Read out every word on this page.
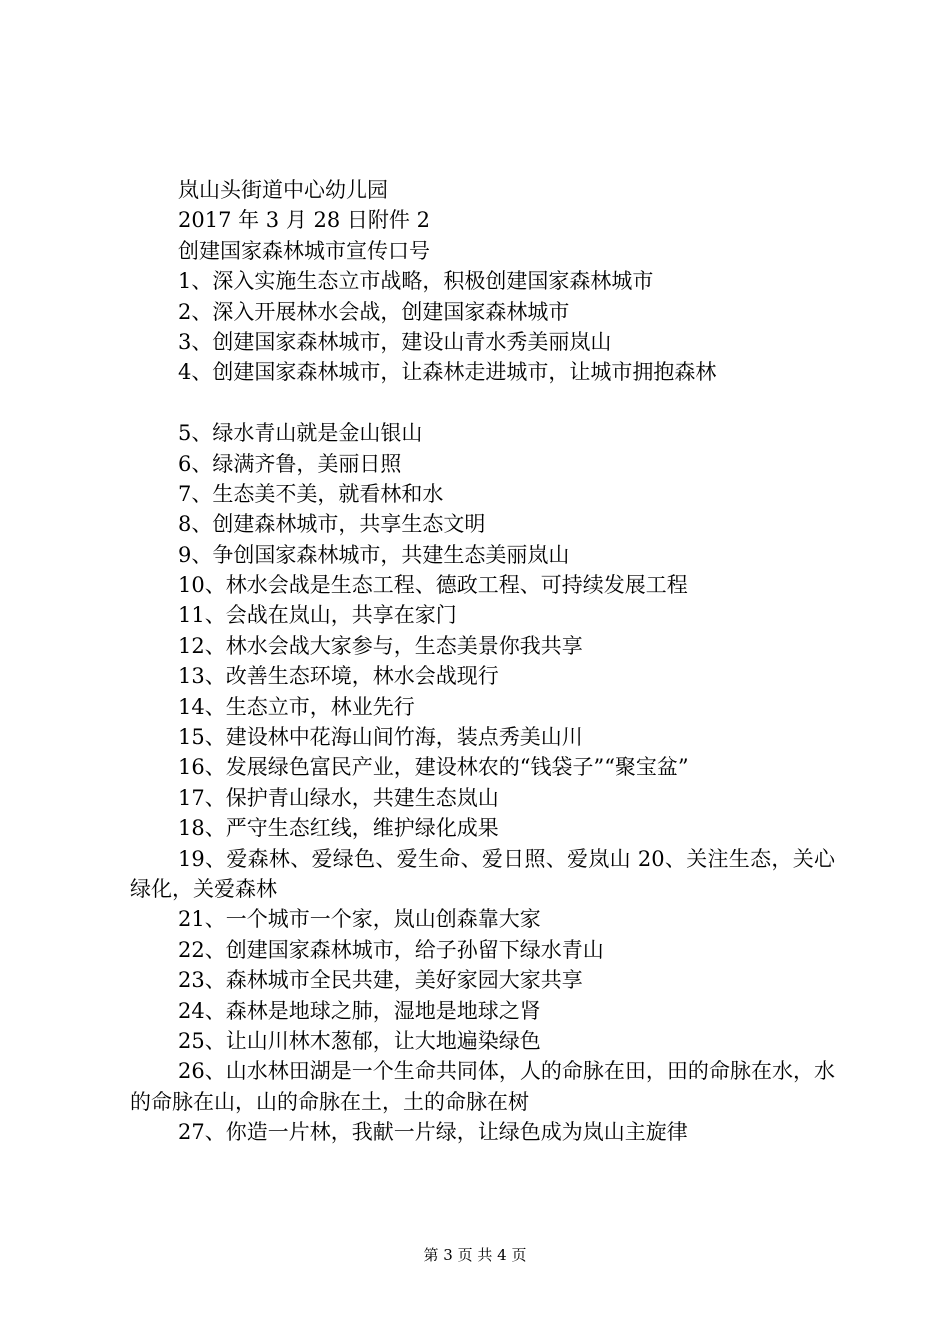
岚山头街道中心幼儿园
2017 年 3 月 28 日附件 2
创建国家森林城市宣传口号
1、深入实施生态立市战略，积极创建国家森林城市
2、深入开展林水会战，创建国家森林城市
3、创建国家森林城市，建设山青水秀美丽岚山
4、创建国家森林城市，让森林走进城市，让城市拥抱森林
5、绿水青山就是金山银山
6、绿满齐鲁，美丽日照
7、生态美不美，就看林和水
8、创建森林城市，共享生态文明
9、争创国家森林城市，共建生态美丽岚山
10、林水会战是生态工程、德政工程、可持续发展工程
11、会战在岚山，共享在家门
12、林水会战大家参与，生态美景你我共享
13、改善生态环境，林水会战现行
14、生态立市，林业先行
15、建设林中花海山间竹海，装点秀美山川
16、发展绿色富民产业，建设林农的“钱袋子”“聚宝盆”
17、保护青山绿水，共建生态岚山
18、严守生态红线，维护绿化成果
19、爱森林、爱绿色、爱生命、爱日照、爱岚山 20、关注生态，关心绿化，关爱森林
21、一个城市一个家，岚山创森靠大家
22、创建国家森林城市，给子孙留下绿水青山
23、森林城市全民共建，美好家园大家共享
24、森林是地球之肺，湿地是地球之肾
25、让山川林木葱郁，让大地遍染绿色
26、山水林田湖是一个生命共同体，人的命脉在田，田的命脉在水，水的命脉在山，山的命脉在土，土的命脉在树
27、你造一片林，我献一片绿，让绿色成为岚山主旋律
第 3 页 共 4 页
